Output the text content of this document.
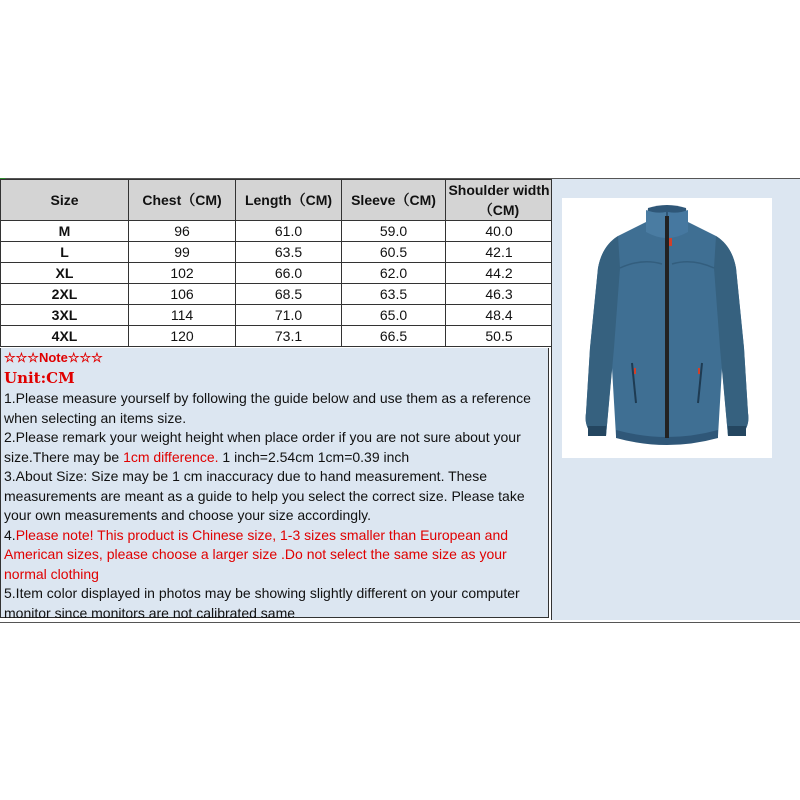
Size	Chest（CM)	Length（CM)	Sleeve（CM)	Shoulder width（CM)
M	96	61.0	59.0	40.0
L	99	63.5	60.5	42.1
XL	102	66.0	62.0	44.2
2XL	106	68.5	63.5	46.3
3XL	114	71.0	65.0	48.4
4XL	120	73.1	66.5	50.5
☆☆☆Note☆☆☆
Unit:CM

1.Please measure yourself by following the guide below and use them as a reference when selecting an items size.

2.Please remark your weight height when place order if you are not sure about your size.There may be 1cm difference. 1 inch=2.54cm 1cm=0.39 inch

3.About Size: Size may be 1 cm inaccuracy due to hand measurement. These measurements are meant as a guide to help you select the correct size. Please take your own measurements and choose your size accordingly.

4.Please note! This product is Chinese size, 1-3 sizes smaller than European and American sizes, please choose a larger size .Do not select the same size as your normal clothing

5.Item color displayed in photos may be showing slightly different on your computer monitor since monitors are not calibrated same
